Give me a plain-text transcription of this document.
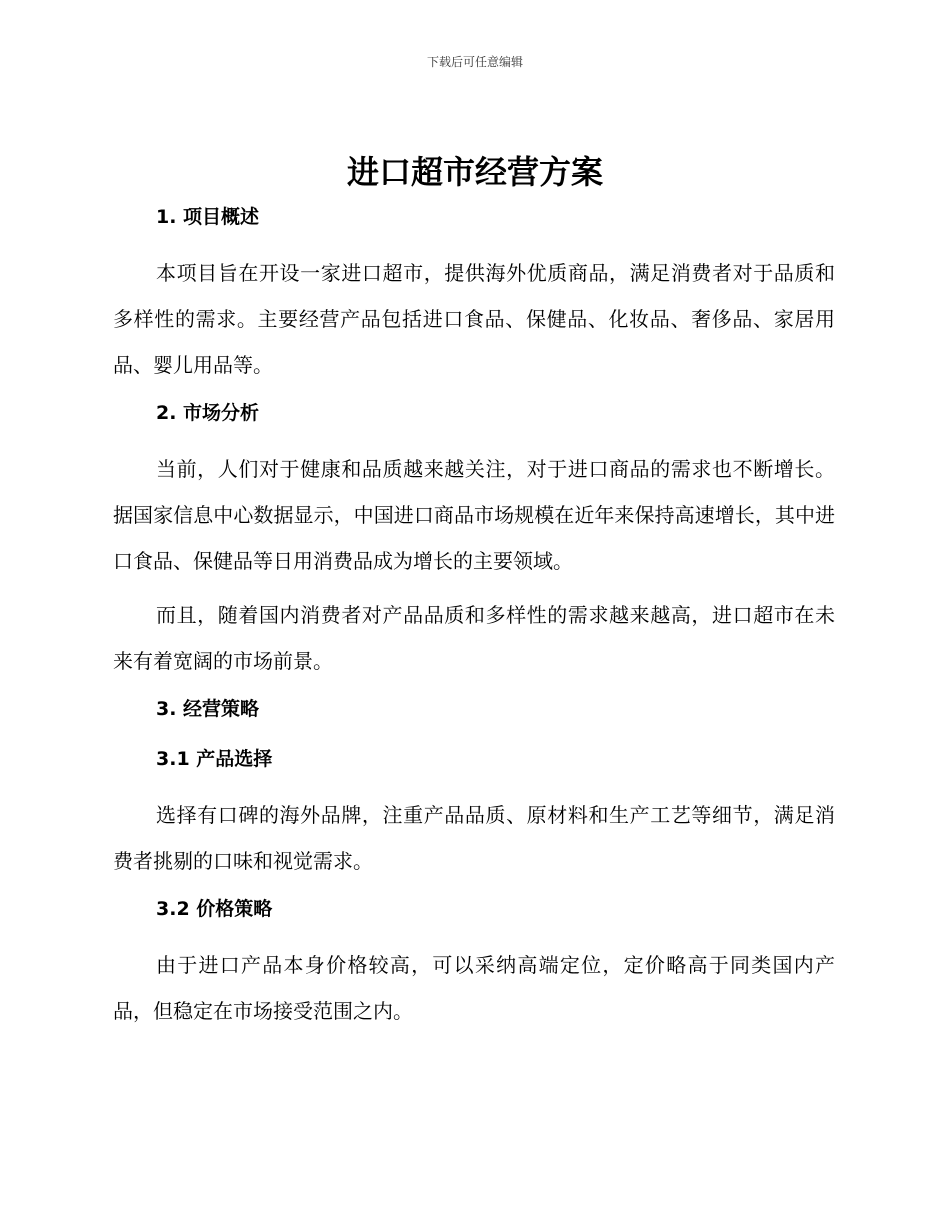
下载后可任意编辑
进口超市经营方案
1. 项目概述

本项目旨在开设一家进口超市，提供海外优质商品，满足消费者对于品质和多样性的需求。主要经营产品包括进口食品、保健品、化妆品、奢侈品、家居用品、婴儿用品等。

2. 市场分析

当前，人们对于健康和品质越来越关注，对于进口商品的需求也不断增长。据国家信息中心数据显示，中国进口商品市场规模在近年来保持高速增长，其中进口食品、保健品等日用消费品成为增长的主要领域。

而且，随着国内消费者对产品品质和多样性的需求越来越高，进口超市在未来有着宽阔的市场前景。

3. 经营策略
3.1 产品选择

选择有口碑的海外品牌，注重产品品质、原材料和生产工艺等细节，满足消费者挑剔的口味和视觉需求。

3.2 价格策略

由于进口产品本身价格较高，可以采纳高端定位，定价略高于同类国内产品，但稳定在市场接受范围之内。
